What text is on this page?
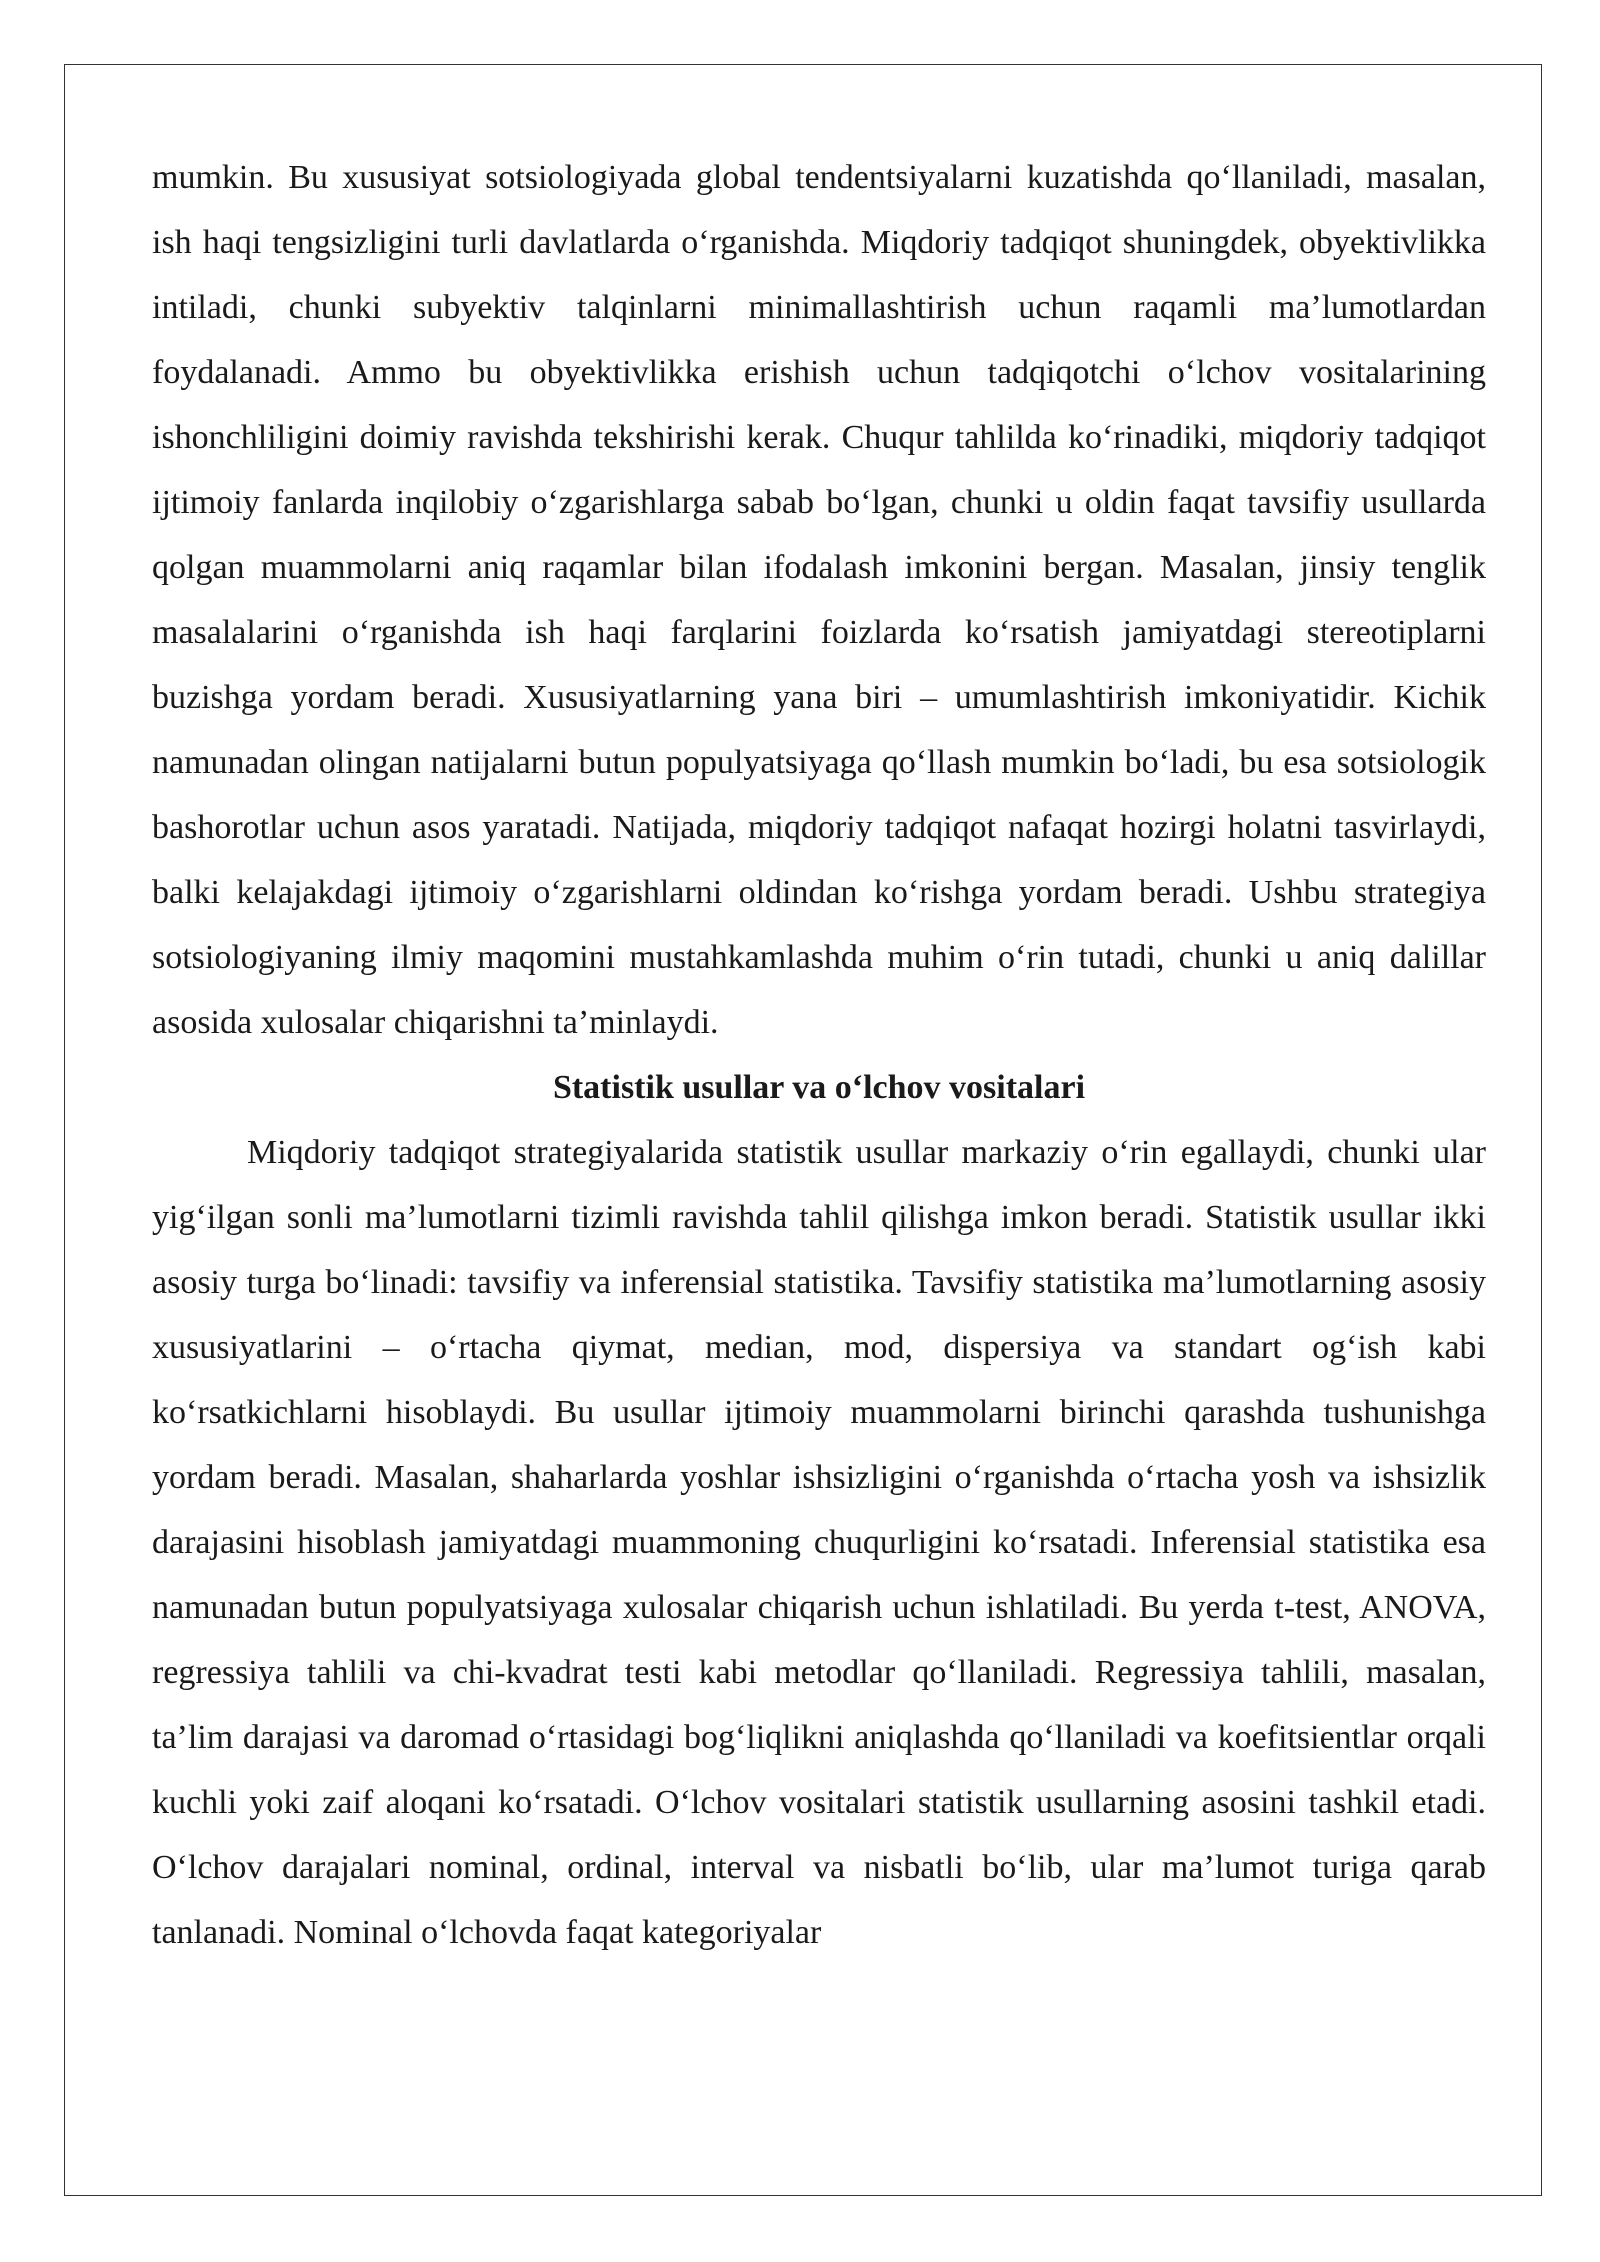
mumkin. Bu xususiyat sotsiologiyada global tendentsiyalarni kuzatishda qo‘llaniladi, masalan, ish haqi tengsizligini turli davlatlarda o‘rganishda. Miqdoriy tadqiqot shuningdek, obyektivlikka intiladi, chunki subyektiv talqinlarni minimallashtirish uchun raqamli ma’lumotlardan foydalanadi. Ammo bu obyektivlikka erishish uchun tadqiqotchi o‘lchov vositalarining ishonchliligini doimiy ravishda tekshirishi kerak. Chuqur tahlilda ko‘rinadiki, miqdoriy tadqiqot ijtimoiy fanlarda inqilobiy o‘zgarishlarga sabab bo‘lgan, chunki u oldin faqat tavsifiy usullarda qolgan muammolarni aniq raqamlar bilan ifodalash imkonini bergan. Masalan, jinsiy tenglik masalalarini o‘rganishda ish haqi farqlarini foizlarda ko‘rsatish jamiyatdagi stereotiplarni buzishga yordam beradi. Xususiyatlarning yana biri – umumlashtirish imkoniyatidir. Kichik namunadan olingan natijalarni butun populyatsiyaga qo‘llash mumkin bo‘ladi, bu esa sotsiologik bashorotlar uchun asos yaratadi. Natijada, miqdoriy tadqiqot nafaqat hozirgi holatni tasvirlaydi, balki kelajakdagi ijtimoiy o‘zgarishlarni oldindan ko‘rishga yordam beradi. Ushbu strategiya sotsiologiyaning ilmiy maqomini mustahkamlashda muhim o‘rin tutadi, chunki u aniq dalillar asosida xulosalar chiqarishni ta’minlaydi.

Statistik usullar va o‘lchov vositalari

Miqdoriy tadqiqot strategiyalarida statistik usullar markaziy o‘rin egallaydi, chunki ular yig‘ilgan sonli ma’lumotlarni tizimli ravishda tahlil qilishga imkon beradi. Statistik usullar ikki asosiy turga bo‘linadi: tavsifiy va inferensial statistika. Tavsifiy statistika ma’lumotlarning asosiy xususiyatlarini – o‘rtacha qiymat, median, mod, dispersiya va standart og‘ish kabi ko‘rsatkichlarni hisoblaydi. Bu usullar ijtimoiy muammolarni birinchi qarashda tushunishga yordam beradi. Masalan, shaharlarda yoshlar ishsizligini o‘rganishda o‘rtacha yosh va ishsizlik darajasini hisoblash jamiyatdagi muammoning chuqurligini ko‘rsatadi. Inferensial statistika esa namunadan butun populyatsiyaga xulosalar chiqarish uchun ishlatiladi. Bu yerda t-test, ANOVA, regressiya tahlili va chi-kvadrat testi kabi metodlar qo‘llaniladi. Regressiya tahlili, masalan, ta’lim darajasi va daromad o‘rtasidagi bog‘liqlikni aniqlashda qo‘llaniladi va koefitsientlar orqali kuchli yoki zaif aloqani ko‘rsatadi. O‘lchov vositalari statistik usullarning asosini tashkil etadi. O‘lchov darajalari nominal, ordinal, interval va nisbatli bo‘lib, ular ma’lumot turiga qarab tanlanadi. Nominal o‘lchovda faqat kategoriyalar
